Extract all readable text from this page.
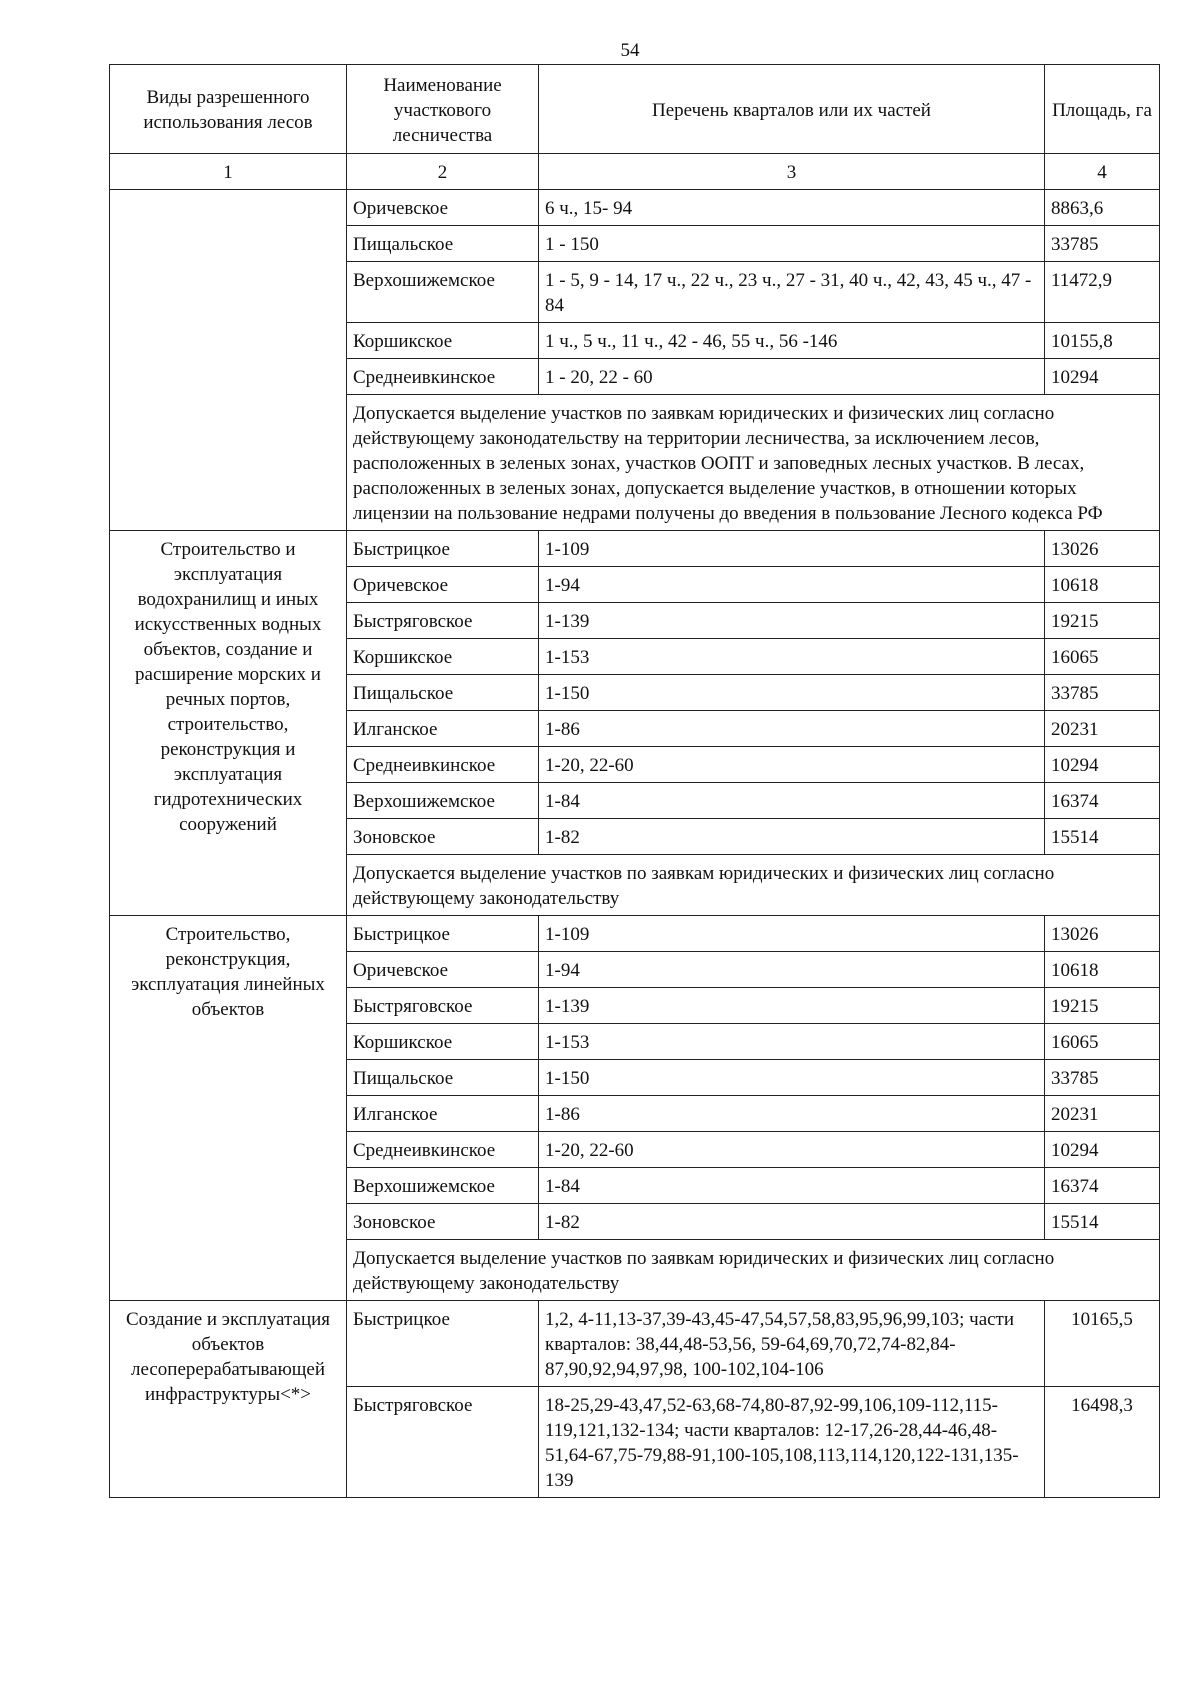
54
Виды разрешенного использования лесов	Наименование участкового лесничества	Перечень кварталов или их частей	Площадь, га
1	2	3	4
	Оричевское	6 ч., 15- 94	8863,6
	Пищальское	1 - 150	33785
	Верхошижемское	1 - 5, 9 - 14, 17 ч., 22 ч., 23 ч., 27 - 31, 40 ч., 42, 43, 45 ч., 47 - 84	11472,9
	Коршикское	1 ч., 5 ч., 11 ч., 42 - 46, 55 ч., 56 -146	10155,8
	Среднеивкинское	1 - 20, 22 - 60	10294
	Допускается выделение участков по заявкам юридических и физических лиц согласно действующему законодательству на территории лесничества, за исключением лесов, расположенных в зеленых зонах, участков ООПТ и заповедных лесных участков. В лесах, расположенных в зеленых зонах, допускается выделение участков, в отношении которых лицензии на пользование недрами получены до введения в пользование Лесного кодекса РФ		
Строительство и эксплуатация водохранилищ и иных искусственных водных объектов, создание и расширение морских и речных портов, строительство, реконструкция и эксплуатация гидротехнических сооружений	Быстрицкое	1-109	13026
	Оричевское	1-94	10618
	Быстряговское	1-139	19215
	Коршикское	1-153	16065
	Пищальское	1-150	33785
	Илганское	1-86	20231
	Среднеивкинское	1-20, 22-60	10294
	Верхошижемское	1-84	16374
	Зоновское	1-82	15514
	Допускается выделение участков по заявкам юридических и физических лиц согласно действующему законодательству		
Строительство, реконструкция, эксплуатация линейных объектов	Быстрицкое	1-109	13026
	Оричевское	1-94	10618
	Быстряговское	1-139	19215
	Коршикское	1-153	16065
	Пищальское	1-150	33785
	Илганское	1-86	20231
	Среднеивкинское	1-20, 22-60	10294
	Верхошижемское	1-84	16374
	Зоновское	1-82	15514
	Допускается выделение участков по заявкам юридических и физических лиц согласно действующему законодательству		
Создание и эксплуатация объектов лесоперерабатывающей инфраструктуры<*>	Быстрицкое	1,2, 4-11,13-37,39-43,45-47,54,57,58,83,95,96,99,103; части кварталов: 38,44,48-53,56, 59-64,69,70,72,74-82,84-87,90,92,94,97,98, 100-102,104-106	10165,5
	Быстряговское	18-25,29-43,47,52-63,68-74,80-87,92-99,106,109-112,115-119,121,132-134; части кварталов: 12-17,26-28,44-46,48-51,64-67,75-79,88-91,100-105,108,113,114,120,122-131,135-139	16498,3
